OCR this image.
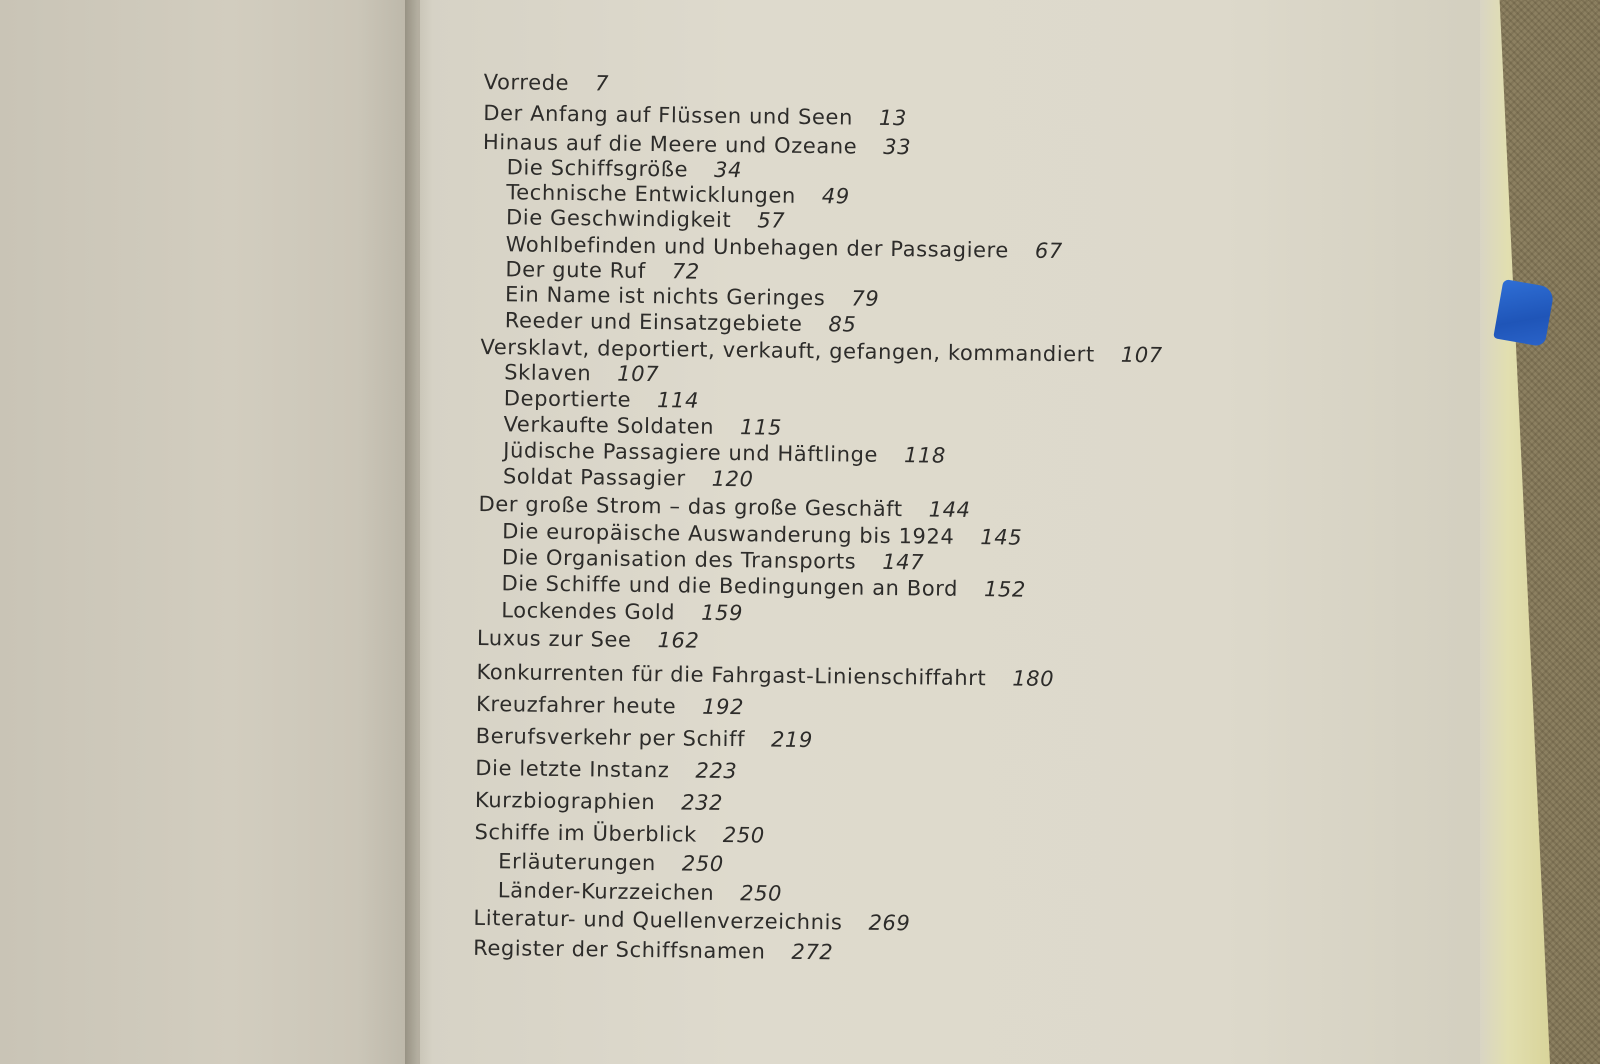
Vorrede 7
Der Anfang auf Flüssen und Seen 13
Hinaus auf die Meere und Ozeane 33
Die Schiffsgröße 34
Technische Entwicklungen 49
Die Geschwindigkeit 57
Wohlbefinden und Unbehagen der Passagiere 67
Der gute Ruf 72
Ein Name ist nichts Geringes 79
Reeder und Einsatzgebiete 85
Versklavt, deportiert, verkauft, gefangen, kommandiert 107
Sklaven 107
Deportierte 114
Verkaufte Soldaten 115
Jüdische Passagiere und Häftlinge 118
Soldat Passagier 120
Der große Strom – das große Geschäft 144
Die europäische Auswanderung bis 1924 145
Die Organisation des Transports 147
Die Schiffe und die Bedingungen an Bord 152
Lockendes Gold 159
Luxus zur See 162
Konkurrenten für die Fahrgast-Linienschiffahrt 180
Kreuzfahrer heute 192
Berufsverkehr per Schiff 219
Die letzte Instanz 223
Kurzbiographien 232
Schiffe im Überblick 250
Erläuterungen 250
Länder-Kurzzeichen 250
Literatur- und Quellenverzeichnis 269
Register der Schiffsnamen 272
